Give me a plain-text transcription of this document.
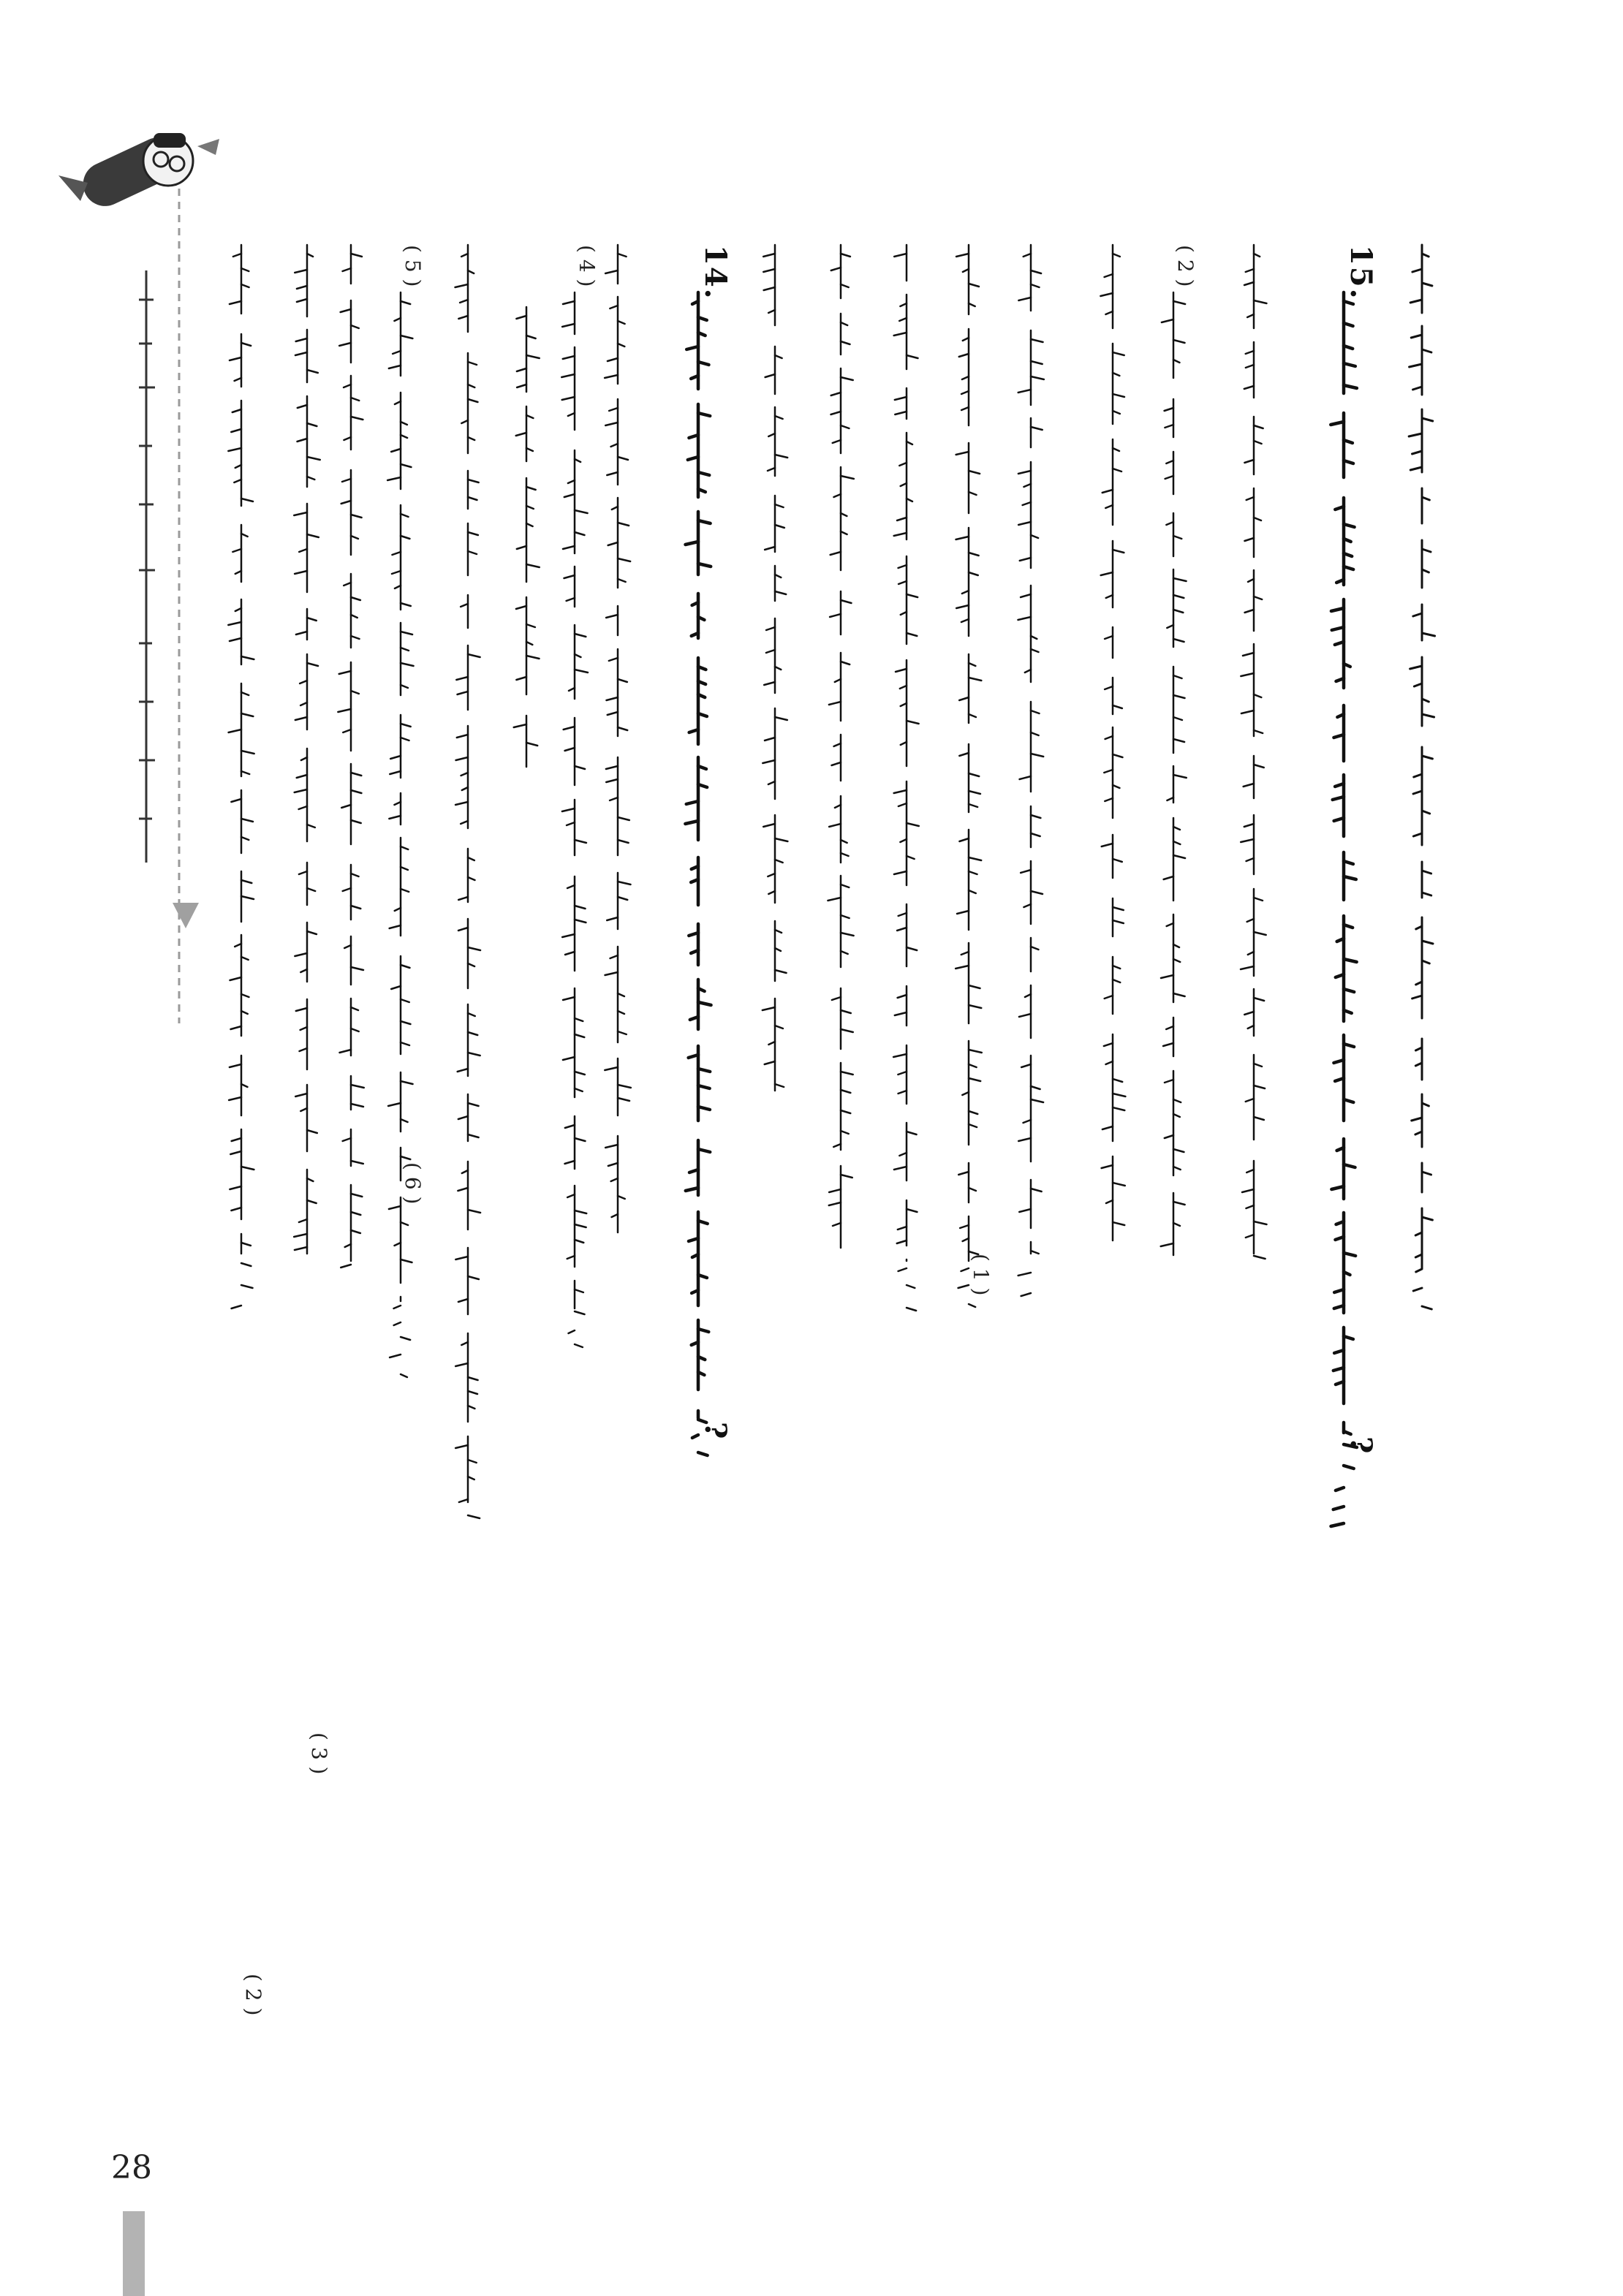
28
15.
14.
?
?
( 2 )
( 1 )
( 4 )
( 5 )
( 6 )
( 2 )
( 3 )
